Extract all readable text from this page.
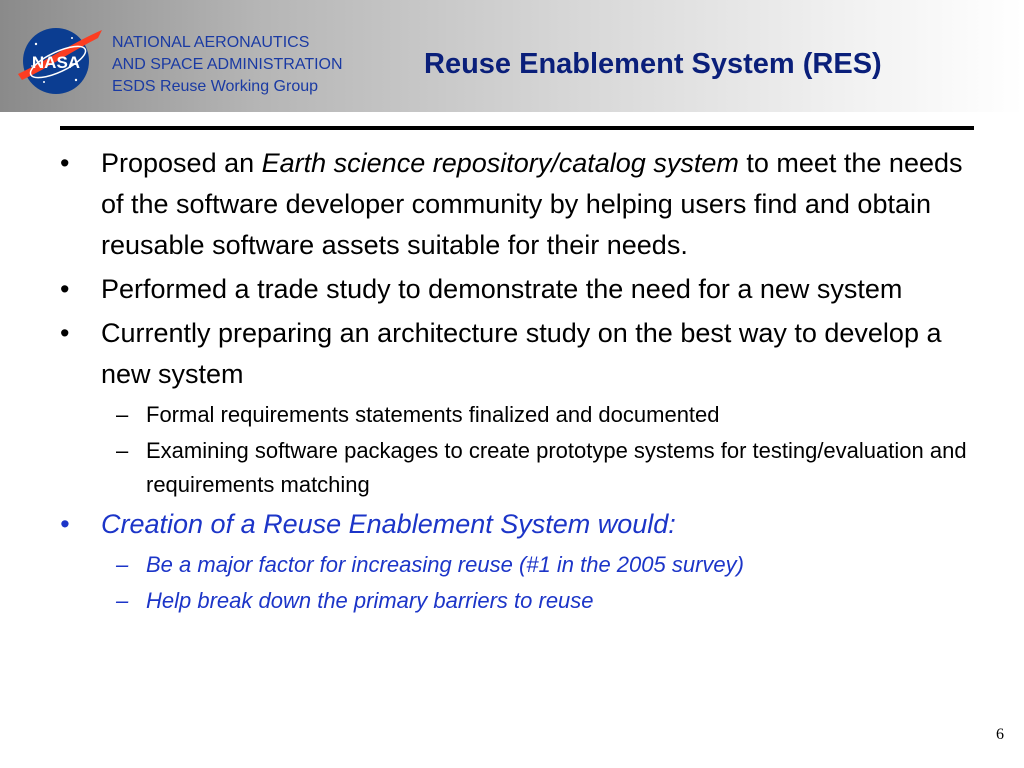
NASA
NATIONAL AERONAUTICS
AND SPACE ADMINISTRATION
ESDS Reuse Working Group
Reuse Enablement System (RES)
•	Proposed an Earth science repository/catalog system to meet the needs of the software developer community by helping users find and obtain reusable software assets suitable for their needs.
•	Performed a trade study to demonstrate the need for a new system
•	Currently preparing an architecture study on the best way to develop a new system
– Formal requirements statements finalized and documented
– Examining software packages to create prototype systems for testing/evaluation and requirements matching
•	Creation of a Reuse Enablement System would:
– Be a major factor for increasing reuse (#1 in the 2005 survey)
– Help break down the primary barriers to reuse
6
